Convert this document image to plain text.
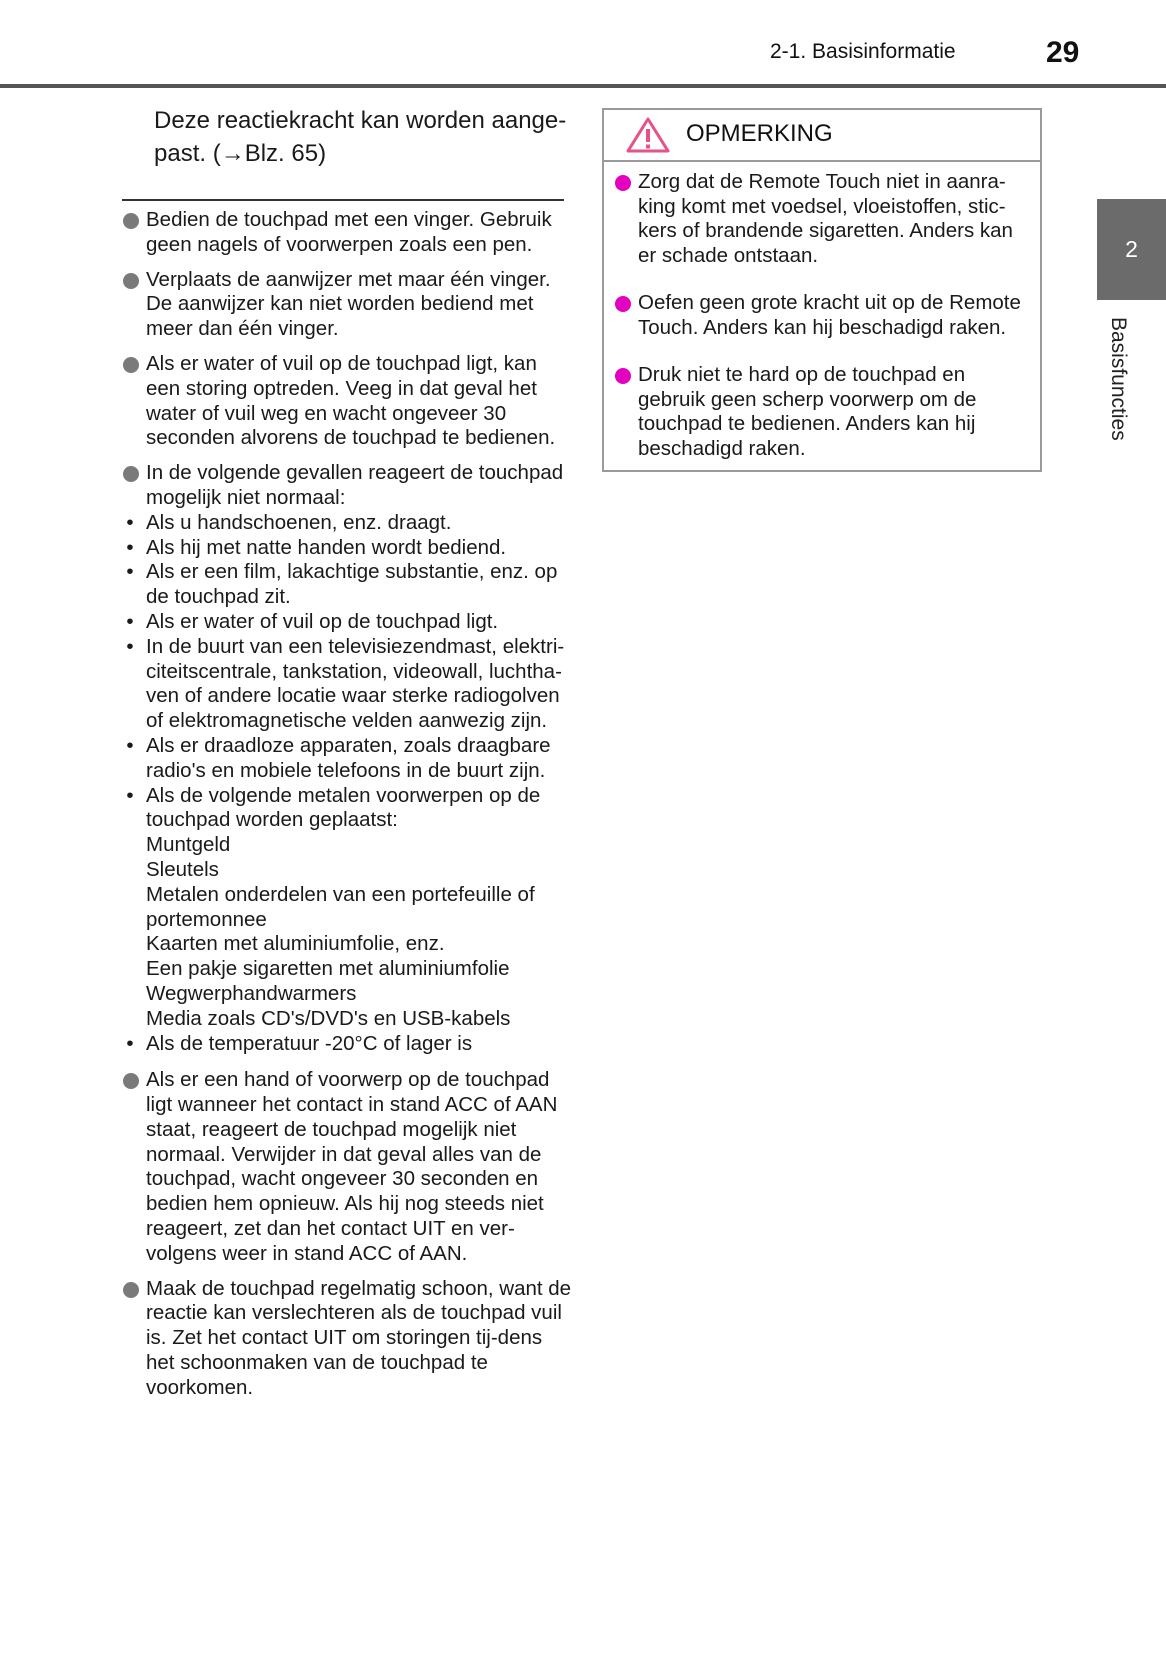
2-1. Basisinformatie	29
2
Basisfuncties
Deze reactiekracht kan worden aange-past. (→Blz. 65)
Bedien de touchpad met een vinger. Gebruik geen nagels of voorwerpen zoals een pen.
Verplaats de aanwijzer met maar één vinger. De aanwijzer kan niet worden bediend met meer dan één vinger.
Als er water of vuil op de touchpad ligt, kan een storing optreden. Veeg in dat geval het water of vuil weg en wacht ongeveer 30 seconden alvorens de touchpad te bedienen.
In de volgende gevallen reageert de touchpad mogelijk niet normaal:
• Als u handschoenen, enz. draagt.
• Als hij met natte handen wordt bediend.
• Als er een film, lakachtige substantie, enz. op de touchpad zit.
• Als er water of vuil op de touchpad ligt.
• In de buurt van een televisiezendmast, elektri-citeitscentrale, tankstation, videowall, luchtha-ven of andere locatie waar sterke radiogolven of elektromagnetische velden aanwezig zijn.
• Als er draadloze apparaten, zoals draagbare radio's en mobiele telefoons in de buurt zijn.
• Als de volgende metalen voorwerpen op de touchpad worden geplaatst:
Muntgeld
Sleutels
Metalen onderdelen van een portefeuille of portemonnee
Kaarten met aluminiumfolie, enz.
Een pakje sigaretten met aluminiumfolie
Wegwerphandwarmers
Media zoals CD's/DVD's en USB-kabels
• Als de temperatuur -20°C of lager is
Als er een hand of voorwerp op de touchpad ligt wanneer het contact in stand ACC of AAN staat, reageert de touchpad mogelijk niet normaal. Verwijder in dat geval alles van de touchpad, wacht ongeveer 30 seconden en bedien hem opnieuw. Als hij nog steeds niet reageert, zet dan het contact UIT en ver-volgens weer in stand ACC of AAN.
Maak de touchpad regelmatig schoon, want de reactie kan verslechteren als de touchpad vuil is. Zet het contact UIT om storingen tij-dens het schoonmaken van de touchpad te voorkomen.
OPMERKING
Zorg dat de Remote Touch niet in aanra-king komt met voedsel, vloeistoffen, stic-kers of brandende sigaretten. Anders kan er schade ontstaan.
Oefen geen grote kracht uit op de Remote Touch. Anders kan hij beschadigd raken.
Druk niet te hard op de touchpad en gebruik geen scherp voorwerp om de touchpad te bedienen. Anders kan hij beschadigd raken.
